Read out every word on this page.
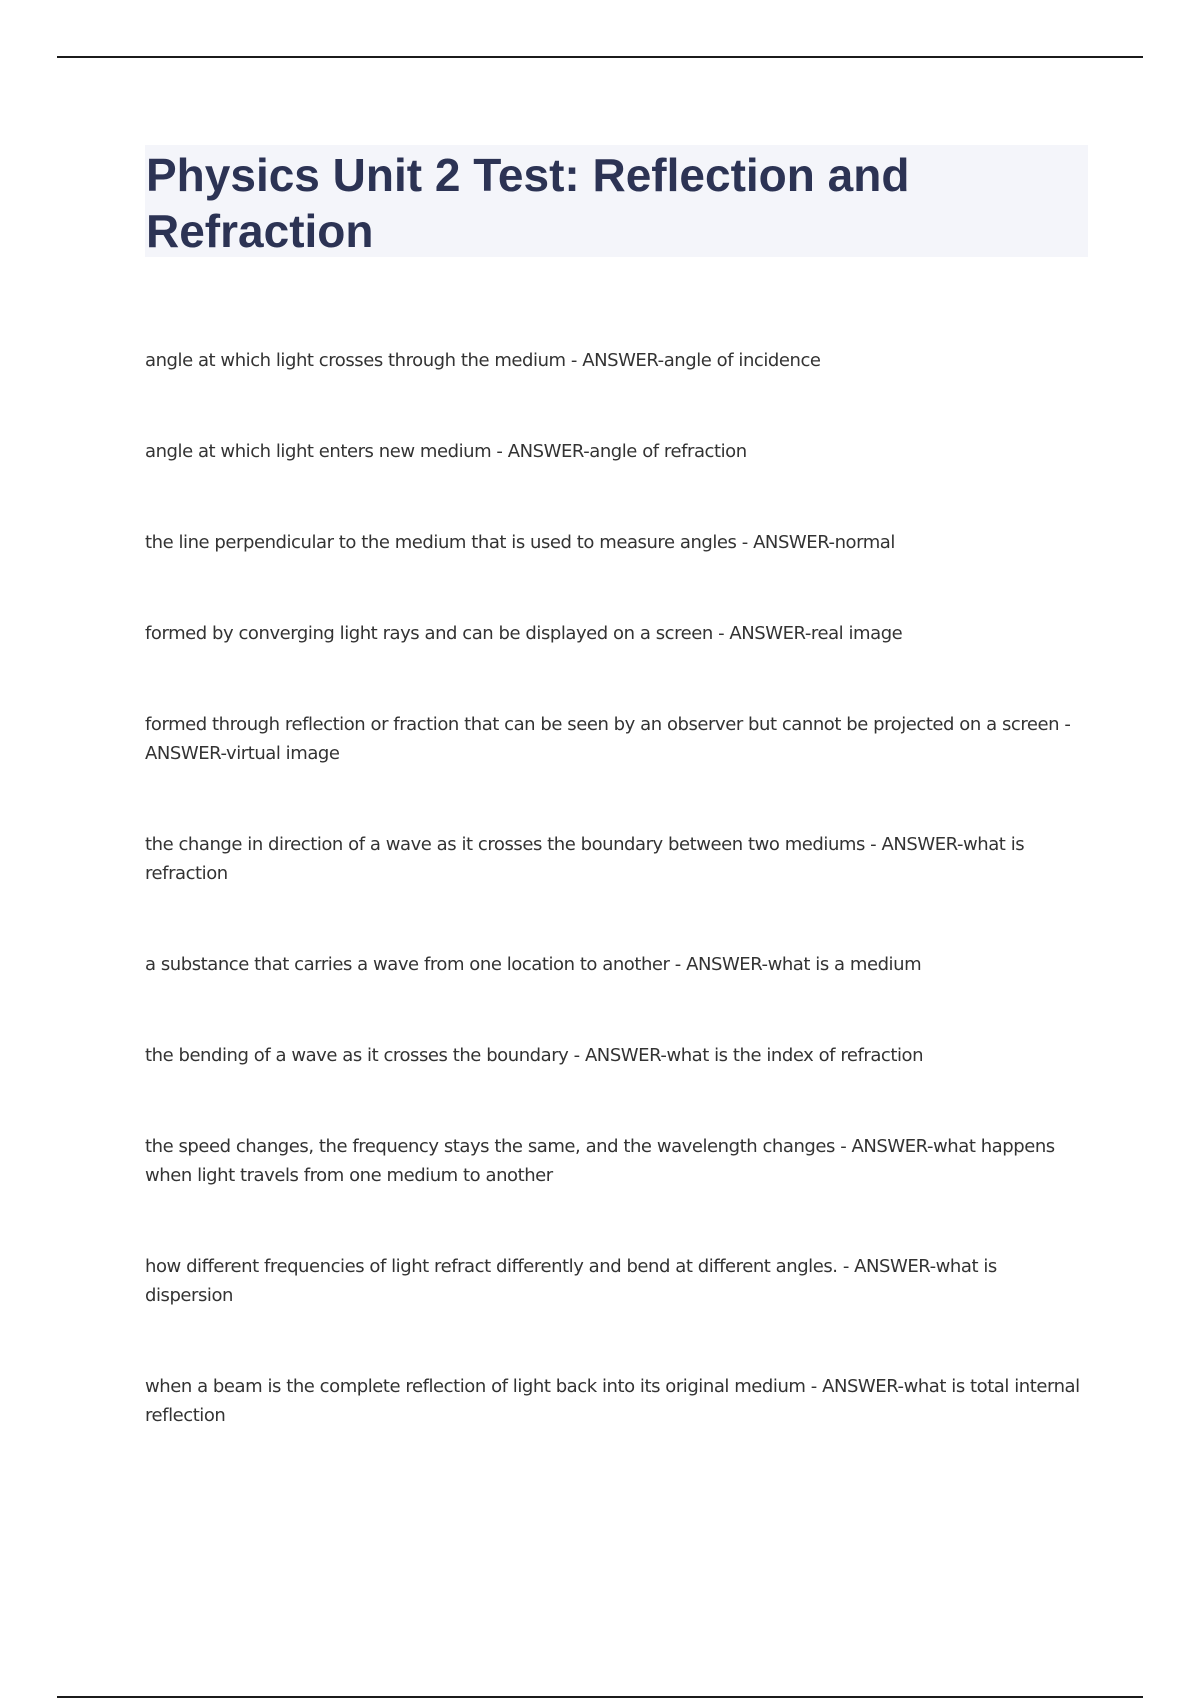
Physics Unit 2 Test: Reflection and Refraction
angle at which light crosses through the medium - ANSWER-angle of incidence
angle at which light enters new medium - ANSWER-angle of refraction
the line perpendicular to the medium that is used to measure angles - ANSWER-normal
formed by converging light rays and can be displayed on a screen - ANSWER-real image
formed through reflection or fraction that can be seen by an observer but cannot be projected on a screen - ANSWER-virtual image
the change in direction of a wave as it crosses the boundary between two mediums - ANSWER-what is refraction
a substance that carries a wave from one location to another - ANSWER-what is a medium
the bending of a wave as it crosses the boundary - ANSWER-what is the index of refraction
the speed changes, the frequency stays the same, and the wavelength changes - ANSWER-what happens when light travels from one medium to another
how different frequencies of light refract differently and bend at different angles. - ANSWER-what is dispersion
when a beam is the complete reflection of light back into its original medium - ANSWER-what is total internal reflection
